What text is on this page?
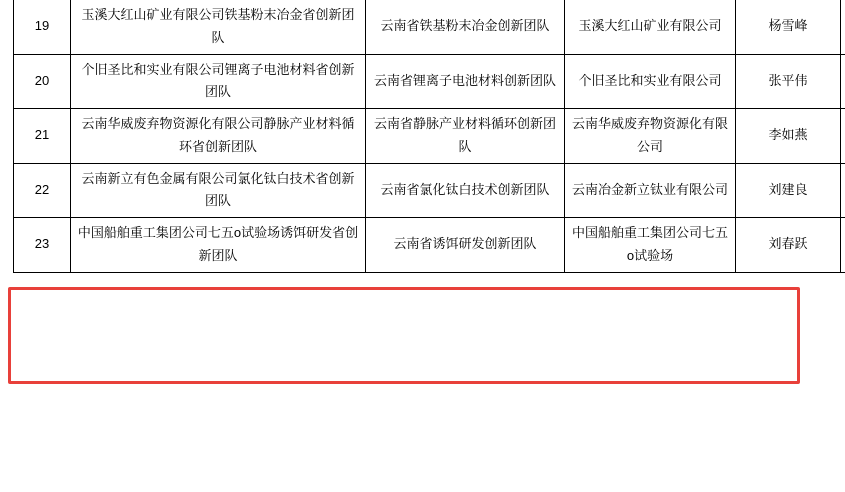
19	玉溪大红山矿业有限公司铁基粉末冶金省创新团队	云南省铁基粉末冶金创新团队	玉溪大红山矿业有限公司	杨雪峰	

20	个旧圣比和实业有限公司锂离子电池材料省创新团队	云南省锂离子电池材料创新团队	个旧圣比和实业有限公司	张平伟	

21	云南华威废弃物资源化有限公司静脉产业材料循环省创新团队	云南省静脉产业材料循环创新团队	云南华威废弃物资源化有限公司	李如燕	

22	云南新立有色金属有限公司氯化钛白技术省创新团队	云南省氯化钛白技术创新团队	云南冶金新立钛业有限公司	刘建良	

23	中国船舶重工集团公司七五o试验场诱饵研发省创新团队	云南省诱饵研发创新团队	中国船舶重工集团公司七五o试验场	刘春跃	
